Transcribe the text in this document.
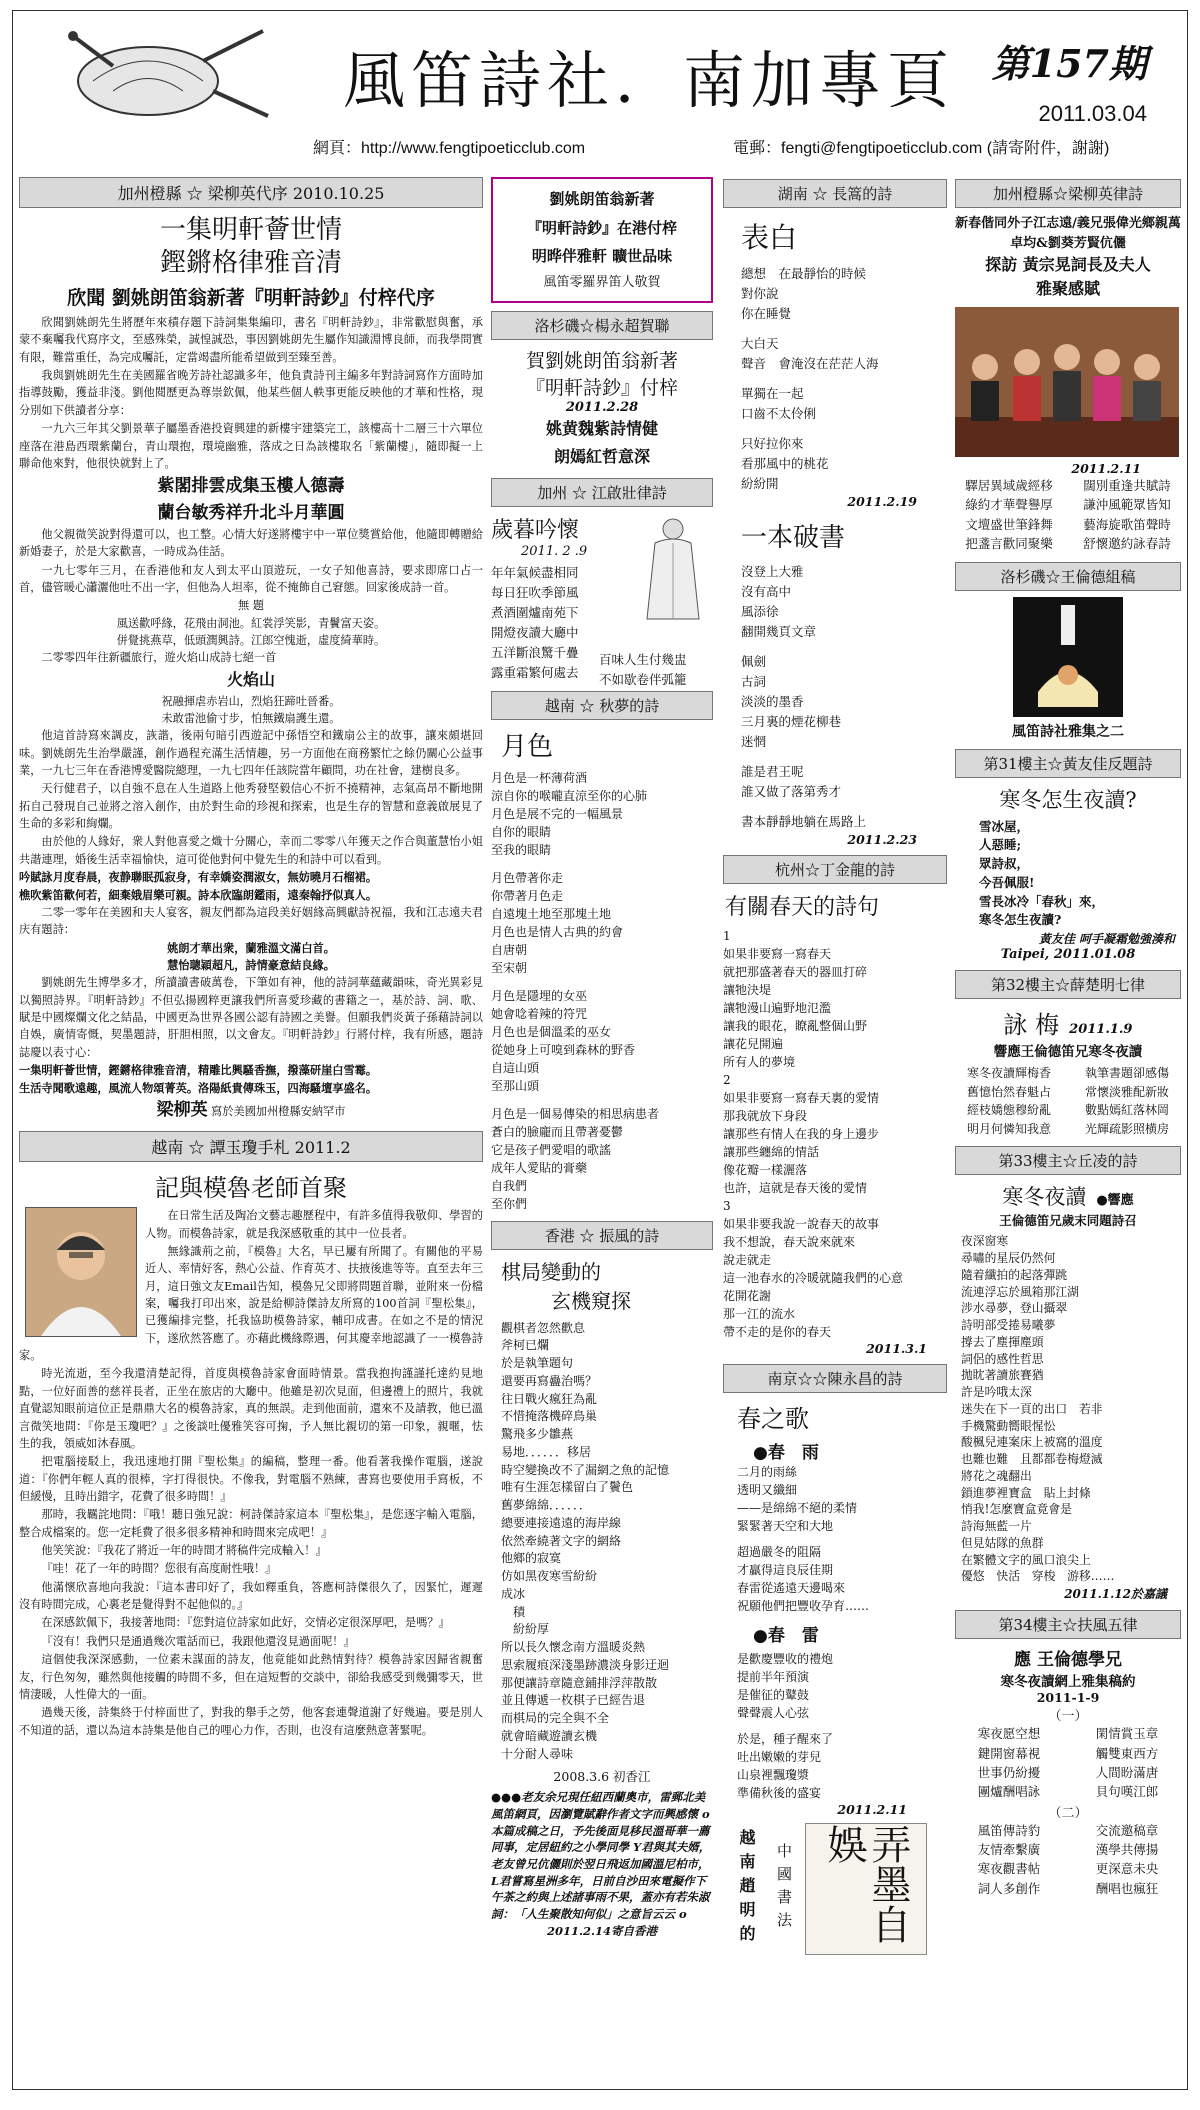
風笛詩社．南加專頁 第157期
2011.03.04
網頁：http://www.fengtipoeticclub.com	電郵：fengti@fengtipoeticclub.com (請寄附件，謝謝)
加州橙縣 ☆ 梁柳英代序 2010.10.25
一集明軒薈世情
鏗鏘格律雅音清
欣聞 劉姚朗笛翁新著『明軒詩鈔』付梓代序

欣聞劉姚朗先生將歷年來積存題下詩詞集集編印，書名『明軒詩鈔』，非常歡慰與奮，承蒙不棄囑我代寫序文，至感殊榮，誠惶誠恐，事因劉姚朗先生屬作知識淵博良師，而我學問實有限，難當重任，為完成囑託，定當竭盡所能希望做到至臻至善。

我與劉姚朗先生在美國羅省晚芳詩社認識多年，他負責詩刊主編多年對詩詞寫作方面時加指導鼓勵，獲益非淺。劉他閱歷更為尊崇欽佩，他某些個人軼事更能反映他的才華和性格，現分別如下供讀者分享：

一九六三年其父劉景華子屬墨香港投資興建的新樓宇建築完工，該樓高十二層三十六單位座落在港島西環紫蘭台，青山環抱，環境幽雅，落成之日為該樓取名「紫蘭樓」，隨即擬一上聯命他來對，他很快就對上了。

紫閣排雲成集玉樓人德壽
蘭台敏秀祥升北斗月華圓

他父親微笑說對得還可以，也工整。心情大好遂將樓宇中一單位獎賞給他，他隨即轉贈給新婚妻子，於是大家歡喜，一時成為佳話。

一九七零年三月，在香港他和友人到太平山頂遊玩，一女子知他喜詩，要求即席口占一首，儘管暖心瀟灑他吐不出一字，但他為人坦率，從不掩飾自己窘態。回家後成詩一首。

無 題
風送歡呼緣，花飛由洞池。紅裳浮笑影，青鬢富天姿。
併覺挑燕草，低頭潤興詩。江郎空愧逝，虛度綺華時。

二零零四年往新疆旅行，遊火焰山成詩七絕一首

火焰山
祝融揮虐赤岩山，烈焰狂蹄吐晉番。
未敢雷池偷寸步，怕無鐵扇護生還。

他這首詩寫來調皮，詼諧，後兩句暗引西遊記中孫悟空和鐵扇公主的故事，讓來頗堪回味。劉姚朗先生治學嚴謹，創作過程充滿生活情趣，另一方面他在商務繁忙之餘仍關心公益事業，一九七三年在香港博愛醫院總理，一九七四年任該院當年顧問，功在社會，建樹良多。

天行健君子，以自強不息在人生道路上他秀發堅毅信心不折不撓精神，志氣高昂不斷地開拓自己發現自己並將之溶入創作，由於對生命的珍視和探索，也是生存的智慧和意義啟展見了生命的多彩和絢爛。

由於他的人緣好，衆人對他喜愛之熾十分關心，幸而二零零八年獲天之作合與董慧怡小姐共諧連理，婚後生活幸福愉快，這可從他對何中覺先生的和詩中可以看到。

吟賦詠月度春晨，夜静聯眠孤寂身，有幸嬌姿潤淑女，無妨曉月石榴裙。
樵吹紫笛歡何若，細棄娥眉樂可親。詩本欣臨朗鑑雨，遠秦翰抒似真人。

二零一零年在美國和夫人宴客，親友們都為這段美好姻緣高興獻詩祝福，我和江志遠夫君庆有題詩：

姚朗才華出衆，蘭雅溫文滿白首。
慧怡聰穎超凡，詩情豪意結良緣。

劉姚朗先生博學多才，所讀讀書破萬卷，下筆如有神，他的詩詞華蘊藏韻味，奇光異彩見以獨照詩界。『明軒詩鈔』不但弘揚國粹更讓我們所喜愛珍藏的書籍之一，基於詩、詞、歌、賦是中國燦爛文化之結晶，中國更為世界各國公認有詩國之美譽。但願我們炎黃子孫藉詩詞以自娛，廣情寄慨，契墨題詩，肝胆相照，以文會友。『明軒詩鈔』行將付梓，我有所感，題詩誌慶以表寸心：

一集明軒薈世情，鏗鏘格律雅音清，精雕比興騷香撫，撥藻研崖白雪霉。
生活寺聞歌遠趣，風流人物頌菁英。洛陽紙貴傳珠玉，四海騷壇享盛名。
梁柳英 寫於美國加州橙縣安納罕市
越南 ☆ 譚玉瓊手札 2011.2
記與模魯老師首聚

在日常生活及陶冶文藝志趣歷程中，有許多值得我敬仰、學習的人物。而模魯詩家，就是我深感敬重的其中一位長者。

無緣識荊之前，『模魯』大名，早已屢有所聞了。有關他的平易近人、率情好客，熱心公益、作育英才、扶掖後進等等。直至去年三月，這日強文友Email告知，模魯兄父即將問題首聯，並附來一份檔案，囑我打印出來，說是給柳詩傑詩友所寫的100首詞『聖松集』，已獲編排完整，托我協助模魯詩家，輔印成書。在如之不是的情況下，遂欣然答應了。亦藉此機緣際遇，何其慶幸地認識了一一模魯詩家。

時光流逝，至今我還清楚記得，首度與模魯詩家會面時情景。當我抱拘謹謹托達約見地點，一位好面善的慈祥長者，正坐在旅店的大廳中。他雖是初次見面，但邊禮上的照片，我就直覺認知眼前這位正是鼎鼎大名的模魯詩家，真的無誤。走到他面前，還來不及請教，他已溫言微笑地問：『你是玉瓊吧？』之後談吐優雅笑容可掬，予人無比親切的第一印象，親暱，怯生的我，領威如沐春風。

把電腦接駁上，我迅速地打開『聖松集』的編稿，整理一番。他看著我操作電腦，遂說道：『你們年輕人真的很棒，字打得很快。不像我，對電腦不熟練，書寫也要使用手寫板，不但緩慢，且時出錯字，花費了很多時間！』

那時，我羈詫地問：『哦！聽日強兄說：柯詩傑詩家這本『聖松集』，是您逐字輸入電腦，整合成檔案的。您一定耗費了很多很多精神和時間來完成吧！』

他笑笑說：『我花了將近一年的時間才將稿件完成輸入！』

『哇！花了一年的時間？您很有高度耐性哦！』

他滿懷欣喜地向我說：『這本書印好了，我如釋重負，答應柯詩傑很久了，因緊忙，遲遲沒有時間完成，心裏老是覺得對不起他似的。』

在深感欽佩下，我接著地問：『您對這位詩家如此好，交情必定很深厚吧，是嗎？』

『沒有！我們只是通過幾次電話而已，我跟他還沒見過面呢！』

這個使我深深感動，一位素未謀面的詩友，他竟能如此熱情對待？模魯詩家因歸省親奮友，行色匆匆，雖然與他接觸的時間不多，但在這短暫的交談中，卻給我感受到幾彌零天，世情淒暖，人性偉大的一面。

過幾天後，詩集終于付梓面世了，對我的舉手之勞，他客套連聲道謝了好幾遍。要是別人不知道的話，還以為這本詩集是他自己的哩心力作，否則，也沒有這麼熱意著緊呢。

劉姚朗笛翁新著
『明軒詩鈔』在港付梓
明晔伴雅軒 曠世品味
風笛零羅界笛人敬賀
洛杉磯☆楊永超賀聯
賀劉姚朗笛翁新著
『明軒詩鈔』付梓
2011.2.28
姚黄魏紫詩情健
朗嫣紅哲意深
加州 ☆ 江啟壯律詩
歲暮吟懷
2011. 2 .9
年年氣候盡相同
每日狂吹季節風
煮酒圍爐南苑下
開燈夜讀大廳中
五洋斷浪驚千疊
露重霜繁何處去
百味人生付幾盅
不如歇卷伴弧籠
越南 ☆ 秋夢的詩
月色
月色是一杯薄荷酒
涼自你的喉嚨直涼至你的心肺
月色是展不完的一幅風景
自你的眼睛
至我的眼睛
月色帶著你走
你帶著月色走
自遠塊土地至那塊土地
月色也是情人古典的約會
自唐朝
至宋朝
月色是隱埋的女巫
她會唸着辣的符咒
月色也是個溫柔的巫女
從她身上可嗅到森林的野香
自這山頭
至那山頭
月色是一個易傳染的相思病患者
蒼白的臉龐而且帶著憂鬱
它是孩子們愛唱的歌謠
成年人愛貼的膏藥
自我們
至你們
香港 ☆ 振風的詩
棋局變動的
玄機窺探
觀棋者忽然歡息
斧柯已爛
於是執筆題句
還要再寫蠱治嗎？
往日戰火瘋狂為亂
不惜掩落機碎鳥巢
驚飛多少雛燕
易地．．．．．．移居
時空變換改不了漏網之魚的記憶
唯有生涯怎樣留白了鬢色
舊夢綿綿．．．．．．
總要連接遠遠的海岸線
依然牽繞著文字的網絡
他鄉的寂寞
仿如黑夜寒雪紛紛
成冰
　積
　紛紛厚
所以長久懷念南方溫暖炎熱
思索履痕深淺墨跡濃淡身影迂迴
那便讓詩章隨意鋪排浮萍散散
並且傳遞一枚棋子已經告退
而棋局的完全與不全
就會暗藏遊讀玄機
十分耐人尋味
2008.3.6 初香江
●●●老友余兄現任紐西蘭奧市，雷郵北美風笛網頁，因瀏覽賦辭作者文字而興感懷 o 本篇成稿之日，予先後面見移民溫哥華一薦同事，定居紐約之小學同學 Y君與其夫婿，老友曾兄伉儷則於翌日飛返加國溫尼柏市，L君嘗寫星洲多年，日前自沙田來電擬作下午茶之約與上述諸事雨不果，蓋亦有若朱淑詞：「人生聚散知何似」之意旨云云 o
2011.2.14寄自香港
湖南 ☆ 長篙的詩
表白
總想　在最靜怡的時候
對你說
你在睡覺
大白天
聲音　會淹沒在茫茫人海
單獨在一起
口齒不太伶俐
只好拉你來
看那風中的桃花
紛紛開
2011.2.19
一本破書
沒登上大雅
沒有高中
風添徐
翻開幾頁文章
佩劍
古詞
淡淡的墨香
三月裏的煙花柳巷
迷惘
誰是君王呢
誰又做了落第秀才
書本靜靜地躺在馬路上
2011.2.23
杭州☆丁金龍的詩
有關春天的詩句
1
如果非要寫一寫春天
就把那盛著春天的器皿打碎
讓牠決堤
讓牠漫山遍野地氾濫
讓我的眼花，瞭亂整個山野
讓花兒開遍
所有人的夢境
2
如果非要寫一寫春天裏的愛情
那我就放下身段
讓那些有情人在我的身上邊步
讓那些纏綿的情話
像花瓣一樣灑落
也許，這就是春天後的愛情
3
如果非要我說一說春天的故事
我不想說，春天說來就來
說走就走
這一池春水的冷暖就隨我們的心意
花開花謝
那一江的流水
帶不走的是你的春天
2011.3.1
南京☆☆陳永昌的詩
春之歌
●春　雨
二月的雨絲
透明又纖細
——是綿綿不絕的柔情
緊緊著天空和大地
超過嚴冬的阻隔
才贏得這良辰佳期
春雷從遙遠天邊喝來
祝願他們把豐收孕育……
●春　雷
是歡慶豐收的禮炮
提前半年預演
是催征的鼙鼓
聲聲震人心弦
於是，種子醒來了
吐出嫩嫩的芽兒
山泉裡飄瓊漿
準備秋後的盛宴
2011.2.11
越南趙明的 中國書法	弄墨自娛
加州橙縣☆梁柳英律詩
新春偕同外子江志遠/義兄張偉光鄉親萬卓均&劉葵芳賢伉儷
探訪 黃宗晃詞長及夫人
雅聚感賦
2011.2.11
驛居異域歲經移	闊別重逢共賦詩
綠約才華聲譽厚	謙沖風範眾皆知
文壇盛世筆鋒舞	藝海旋歌笛聲時
把盞言歡同聚樂	舒懷邀約詠春詩
洛杉磯☆王倫德組稿
風笛詩社雅集之二
第31樓主☆黃友佳反題詩
寒冬怎生夜讀?
雪冰屋，
人惡睡;
眾詩叔，
今吾佩服!
雪長冰冷「春秋」來，
寒冬怎生夜讀?
黃友佳 呵手凝霜勉強湊和
Taipei, 2011.01.08
第32樓主☆薛楚明七律
詠 梅 2011.1.9
響應王倫德笛兄寒冬夜讀
寒冬夜讀輝梅香	執筆書題卻感傷
舊憶怡然春魁占	常懷淡雅配新妝
經枝嬌態穆紛亂	數點嫣紅落林岡
明月何憐知我意	光輝疏影照横房
第33樓主☆丘凌的詩
寒冬夜讀 ●響應
王倫德笛兄歲末同題詩召
夜深窗寒
尋嘯的星辰仍然何
隨着纖拍的起落彈跳
流連浮忘於風箱那江湖
涉水尋夢，登山攝翠
詩明部受捲易曦夢
撐去了塵揮塵頭
詞侶的感性哲思
拋眈著讀旅賽猶
許是吟哦太深
迷失在下一頁的出口　若非
手機驚動嚮眼惺忪
酸楓兒連案床上被窩的溫度
也難也難　且都都卷梅燈滅
將花之魂翻出
鎖進夢裡寶盒　貼上封條
悄我!怎麼寶盒竟會是
詩海無藍一片
但見姑隊的魚群
在繁體文字的風口浪尖上
優悠　快活　穿梭　游移……
2011.1.12於嘉議
第34樓主☆扶風五律
應 王倫德學兄
寒冬夜讀網上雅集稿約
2011-1-9
（一）
寒夜愿空想	閑情賞玉章
鍵開窗幕視	觸雙東西方
世事仍紛擾	人間盼滿唐
團爐酬唱詠	貝句嘆江郎
（二）
風笛傳詩豹	交流邀稿章
友情牽繫廣	漢學共傳揚
寒夜觀書帖	更深意未央
詞人多創作	酬唱也瘋狂
